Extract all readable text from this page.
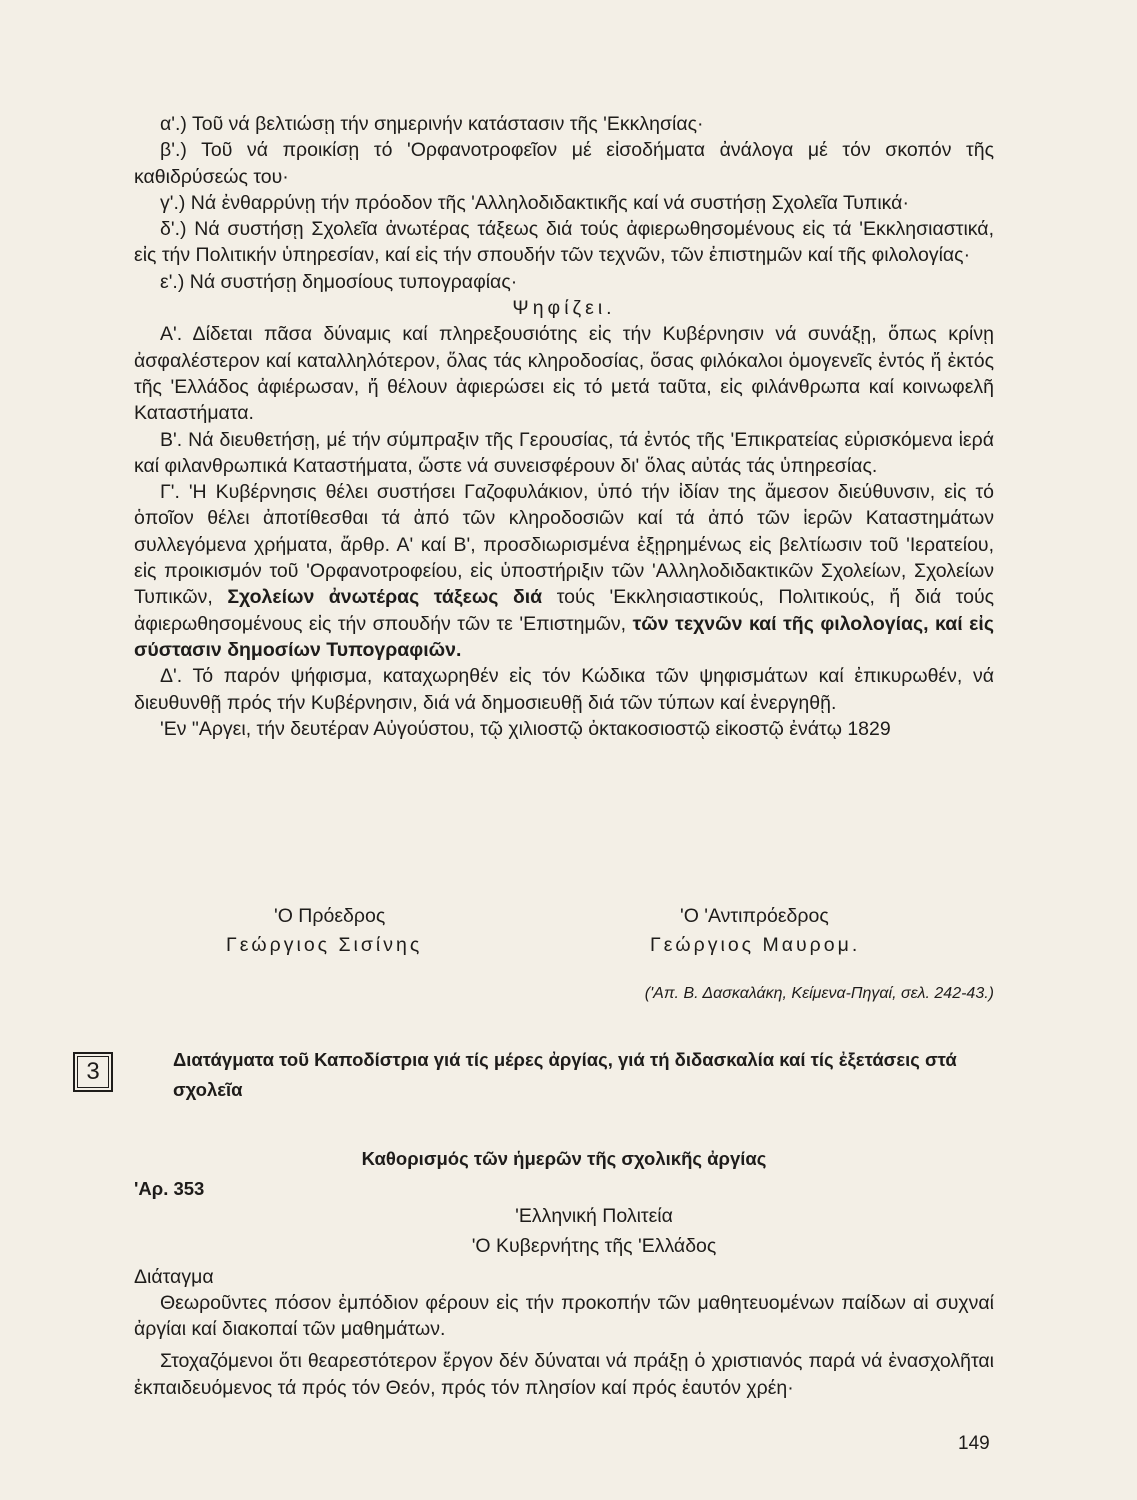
α'.) Τοῦ νά βελτιώσῃ τήν σημερινήν κατάστασιν τῆς 'Εκκλησίας·

β'.) Τοῦ νά προικίσῃ τό 'Ορφανοτροφεῖον μέ εἰσοδήματα ἀνάλογα μέ τόν σκοπόν τῆς καθιδρύσεώς του·

γ'.) Νά ἐνθαρρύνῃ τήν πρόοδον τῆς 'Αλληλοδιδακτικῆς καί νά συστήσῃ Σχολεῖα Τυπικά·

δ'.) Νά συστήσῃ Σχολεῖα ἀνωτέρας τάξεως διά τούς ἀφιερωθησομένους εἰς τά 'Εκκλησιαστικά, εἰς τήν Πολιτικήν ὑπηρεσίαν, καί εἰς τήν σπουδήν τῶν τεχνῶν, τῶν ἐπιστημῶν καί τῆς φιλολογίας·

ε'.) Νά συστήσῃ δημοσίους τυπογραφίας·

Ψηφίζει.

Α'. Δίδεται πᾶσα δύναμις καί πληρεξουσιότης εἰς τήν Κυβέρνησιν νά συνάξῃ, ὅπως κρίνῃ ἀσφαλέστερον καί καταλληλότερον, ὅλας τάς κληροδοσίας, ὅσας φιλόκαλοι ὁμογενεῖς ἐντός ἤ ἐκτός τῆς 'Ελλάδος ἀφιέρωσαν, ἤ θέλουν ἀφιερώσει εἰς τό μετά ταῦτα, εἰς φιλάνθρωπα καί κοινωφελῆ Καταστήματα.

Β'. Νά διευθετήσῃ, μέ τήν σύμπραξιν τῆς Γερουσίας, τά ἐντός τῆς 'Επικρατείας εὑρισκόμενα ἱερά καί φιλανθρωπικά Καταστήματα, ὥστε νά συνεισφέρουν δι' ὅλας αὐτάς τάς ὑπηρεσίας.

Γ'. 'Η Κυβέρνησις θέλει συστήσει Γαζοφυλάκιον, ὑπό τήν ἰδίαν της ἄμεσον διεύθυνσιν, εἰς τό ὁποῖον θέλει ἀποτίθεσθαι τά ἀπό τῶν κληροδοσιῶν καί τά ἀπό τῶν ἱερῶν Καταστημάτων συλλεγόμενα χρήματα, ἄρθρ. Α' καί Β', προσδιωρισμένα ἐξῃρημένως εἰς βελτίωσιν τοῦ 'Ιερατείου, εἰς προικισμόν τοῦ 'Ορφανοτροφείου, εἰς ὑποστήριξιν τῶν 'Αλληλοδιδακτικῶν Σχολείων, Σχολείων Τυπικῶν, Σχολείων ἀνωτέρας τάξεως διά τούς 'Εκκλησιαστικούς, Πολιτικούς, ἤ διά τούς ἀφιερωθησομένους εἰς τήν σπουδήν τῶν τε 'Επιστημῶν, τῶν τεχνῶν καί τῆς φιλολογίας, καί εἰς σύστασιν δημοσίων Τυπογραφιῶν.

Δ'. Τό παρόν ψήφισμα, καταχωρηθέν εἰς τόν Κώδικα τῶν ψηφισμάτων καί ἐπικυρωθέν, νά διευθυνθῇ πρός τήν Κυβέρνησιν, διά νά δημοσιευθῇ διά τῶν τύπων καί ἐνεργηθῇ.

'Εν "Αργει, τήν δευτέραν Αὐγούστου, τῷ χιλιοστῷ ὀκτακοσιοστῷ εἰκοστῷ ἐνάτῳ 1829

'Ο Πρόεδρος
Γεώργιος Σισίνης
'Ο 'Αντιπρόεδρος
Γεώργιος Μαυρομ.
('Απ. Β. Δασκαλάκη, Κείμενα-Πηγαί, σελ. 242-43.)
3	Διατάγματα τοῦ Καποδίστρια γιά τίς μέρες ἀργίας, γιά τή διδασκαλία καί τίς ἐξετάσεις στά σχολεῖα
Καθορισμός τῶν ἡμερῶν τῆς σχολικῆς ἀργίας
'Αρ. 353

'Ελληνική Πολιτεία

'Ο Κυβερνήτης τῆς 'Ελλάδος

Διάταγμα

Θεωροῦντες πόσον ἐμπόδιον φέρουν εἰς τήν προκοπήν τῶν μαθητευομένων παίδων αἱ συχναί ἀργίαι καί διακοπαί τῶν μαθημάτων.

Στοχαζόμενοι ὅτι θεαρεστότερον ἔργον δέν δύναται νά πράξῃ ὁ χριστιανός παρά νά ἐνασχολῆται ἐκπαιδευόμενος τά πρός τόν Θεόν, πρός τόν πλησίον καί πρός ἑαυτόν χρέη·

149
